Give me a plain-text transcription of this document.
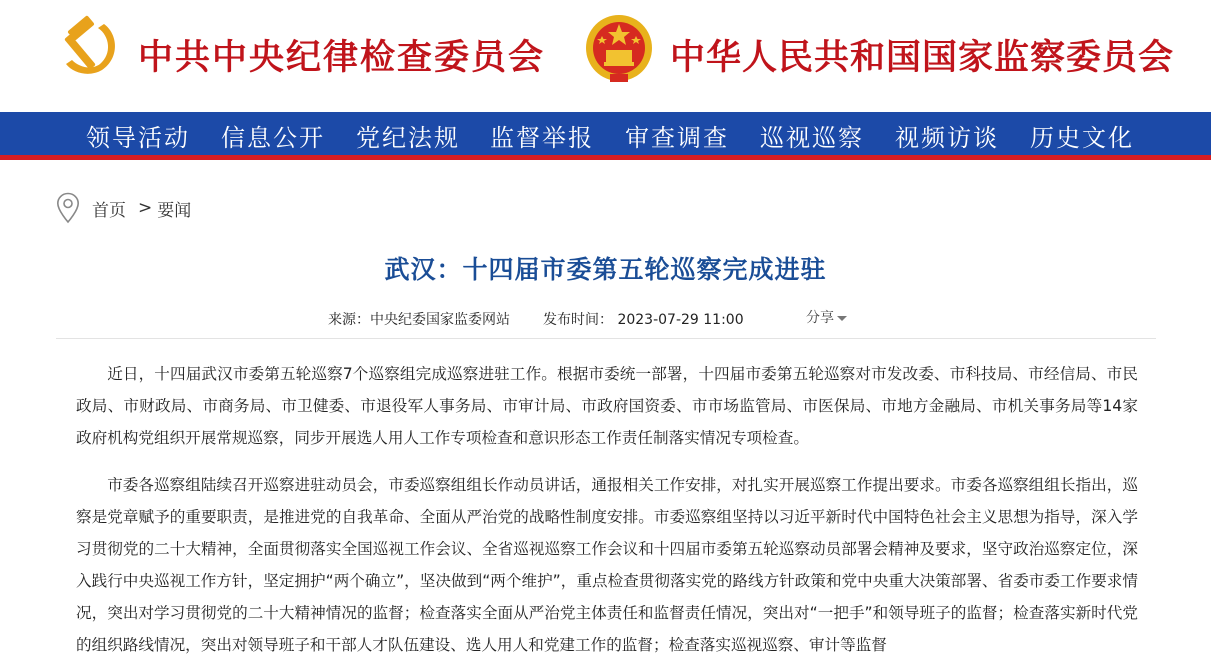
中共中央纪律检查委员会	中华人民共和国国家监察委员会
领导活动 信息公开 党纪法规 监督举报 审查调查 巡视巡察 视频访谈 历史文化
首页 > 要闻
武汉：十四届市委第五轮巡察完成进驻
来源：中央纪委国家监委网站 发布时间： 2023-07-29 11:00	分享

近日，十四届武汉市委第五轮巡察7个巡察组完成巡察进驻工作。根据市委统一部署，十四届市委第五轮巡察对市发改委、市科技局、市经信局、市民政局、市财政局、市商务局、市卫健委、市退役军人事务局、市审计局、市政府国资委、市市场监管局、市医保局、市地方金融局、市机关事务局等14家政府机构党组织开展常规巡察，同步开展选人用人工作专项检查和意识形态工作责任制落实情况专项检查。

市委各巡察组陆续召开巡察进驻动员会，市委巡察组组长作动员讲话，通报相关工作安排，对扎实开展巡察工作提出要求。市委各巡察组组长指出，巡察是党章赋予的重要职责，是推进党的自我革命、全面从严治党的战略性制度安排。市委巡察组坚持以习近平新时代中国特色社会主义思想为指导，深入学习贯彻党的二十大精神，全面贯彻落实全国巡视工作会议、全省巡视巡察工作会议和十四届市委第五轮巡察动员部署会精神及要求，坚守政治巡察定位，深入践行中央巡视工作方针，坚定拥护“两个确立”，坚决做到“两个维护”，重点检查贯彻落实党的路线方针政策和党中央重大决策部署、省委市委工作要求情况，突出对学习贯彻党的二十大精神情况的监督；检查落实全面从严治党主体责任和监督责任情况，突出对“一把手”和领导班子的监督；检查落实新时代党的组织路线情况，突出对领导班子和干部人才队伍建设、选人用人和党建工作的监督；检查落实巡视巡察、审计等监督
